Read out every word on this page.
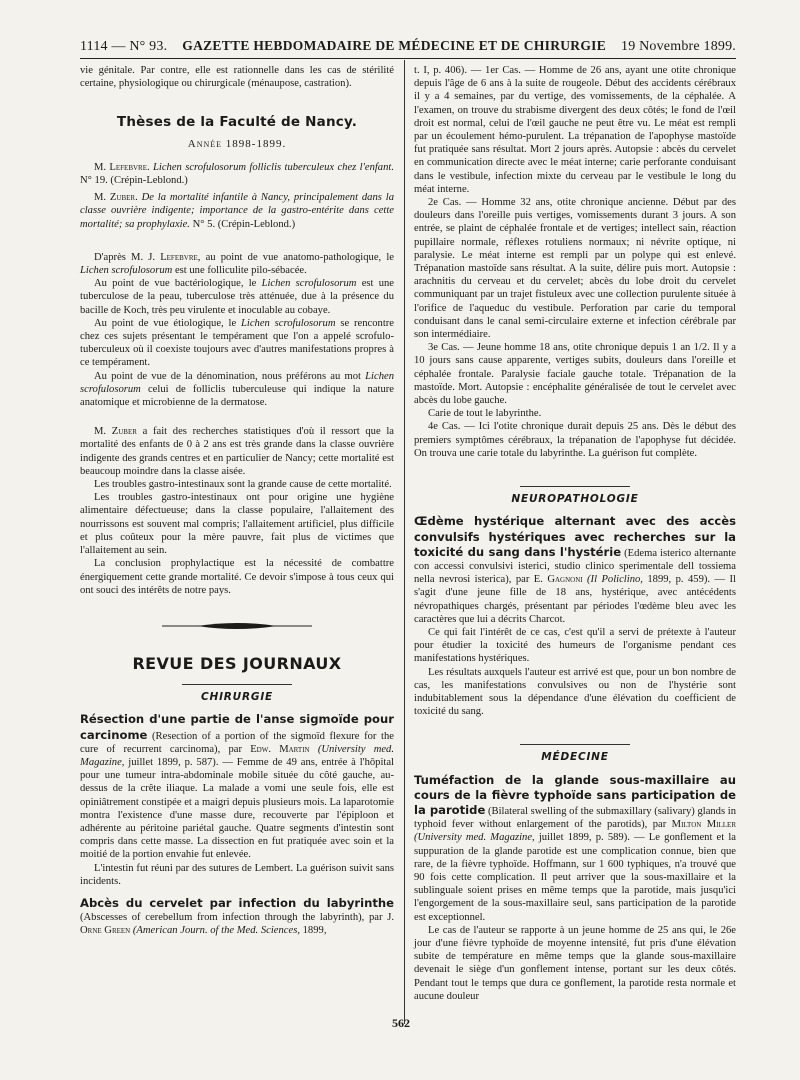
1114 — N° 93. GAZETTE HEBDOMADAIRE DE MÉDECINE ET DE CHIRURGIE 19 Novembre 1899.

vie génitale. Par contre, elle est rationnelle dans les cas de stérilité certaine, physiologique ou chirurgicale (ménaupose, castration).

Thèses de la Faculté de Nancy.
Année 1898-1899.

M. Lefebvre. Lichen scrofulosorum folliclis tuberculeux chez l'enfant. N° 19. (Crépin-Leblond.)

M. Zuber. De la mortalité infantile à Nancy, principalement dans la classe ouvrière indigente; importance de la gastro-entérite dans cette mortalité; sa prophylaxie. N° 5. (Crépin-Leblond.)

D'après M. J. Lefebvre, au point de vue anatomo-pathologique, le Lichen scrofulosorum est une folliculite pilo-sébacée.

Au point de vue bactériologique, le Lichen scrofulosorum est une tuberculose de la peau, tuberculose très atténuée, due à la présence du bacille de Koch, très peu virulente et inoculable au cobaye.

Au point de vue étiologique, le Lichen scrofulosorum se rencontre chez ces sujets présentant le tempérament que l'on a appelé scrofulo-tuberculeux où il coexiste toujours avec d'autres manifestations propres à ce tempérament.

Au point de vue de la dénomination, nous préférons au mot Lichen scrofulosorum celui de folliclis tuberculeuse qui indique la nature anatomique et microbienne de la dermatose.

M. Zuber a fait des recherches statistiques d'où il ressort que la mortalité des enfants de 0 à 2 ans est très grande dans la classe ouvrière indigente des grands centres et en particulier de Nancy; cette mortalité est beaucoup moindre dans la classe aisée.

Les troubles gastro-intestinaux sont la grande cause de cette mortalité.

Les troubles gastro-intestinaux ont pour origine une hygiène alimentaire défectueuse; dans la classe populaire, l'allaitement des nourrissons est souvent mal compris; l'allaitement artificiel, plus difficile et plus coûteux pour la mère pauvre, fait plus de victimes que l'allaitement au sein.

La conclusion prophylactique est la nécessité de combattre énergiquement cette grande mortalité. Ce devoir s'impose à tous ceux qui ont souci des intérêts de notre pays.

REVUE DES JOURNAUX
CHIRURGIE

Résection d'une partie de l'anse sigmoïde pour carcinome (Resection of a portion of the sigmoïd flexure for the cure of recurrent carcinoma), par Edw. Martin (University med. Magazine, juillet 1899, p. 587). — Femme de 49 ans, entrée à l'hôpital pour une tumeur intra-abdominale mobile située du côté gauche, au-dessus de la crête iliaque. La malade a vomi une seule fois, elle est opiniâtrement constipée et a maigri depuis plusieurs mois. La laparotomie montra l'existence d'une masse dure, recouverte par l'épiploon et adhérente au péritoine pariétal gauche. Quatre segments d'intestin sont compris dans cette masse. La dissection en fut pratiquée avec soin et la moitié de la portion envahie fut enlevée.

L'intestin fut réuni par des sutures de Lembert. La guérison suivit sans incidents.

Abcès du cervelet par infection du labyrinthe (Abscesses of cerebellum from infection through the labyrinth), par J. Orne Green (American Journ. of the Med. Sciences, 1899,

t. I, p. 406). — 1er Cas. — Homme de 26 ans, ayant une otite chronique depuis l'âge de 6 ans à la suite de rougeole. Début des accidents cérébraux il y a 4 semaines, par du vertige, des vomissements, de la céphalée. A l'examen, on trouve du strabisme divergent des deux côtés; le fond de l'œil droit est normal, celui de l'œil gauche ne peut être vu. Le méat est rempli par un écoulement hémo-purulent. La trépanation de l'apophyse mastoïde fut pratiquée sans résultat. Mort 2 jours après. Autopsie : abcès du cervelet en communication directe avec le méat interne; carie perforante conduisant dans le vestibule, infection mixte du cerveau par le vestibule le long du méat interne.

2e Cas. — Homme 32 ans, otite chronique ancienne. Début par des douleurs dans l'oreille puis vertiges, vomissements durant 3 jours. A son entrée, se plaint de céphalée frontale et de vertiges; intellect sain, réaction pupillaire normale, réflexes rotuliens normaux; ni névrite optique, ni paralysie. Le méat interne est rempli par un polype qui est enlevé. Trépanation mastoïde sans résultat. A la suite, délire puis mort. Autopsie : arachnitis du cerveau et du cervelet; abcès du lobe droit du cervelet communiquant par un trajet fistuleux avec une collection purulente située à l'orifice de l'aqueduc du vestibule. Perforation par carie du temporal conduisant dans le canal semi-circulaire externe et infection cérébrale par son intermédiaire.

3e Cas. — Jeune homme 18 ans, otite chronique depuis 1 an 1/2. Il y a 10 jours sans cause apparente, vertiges subits, douleurs dans l'oreille et céphalée frontale. Paralysie faciale gauche totale. Trépanation de la mastoïde. Mort. Autopsie : encéphalite généralisée de tout le cervelet avec abcès du lobe gauche.

Carie de tout le labyrinthe.

4e Cas. — Ici l'otite chronique durait depuis 25 ans. Dès le début des premiers symptômes cérébraux, la trépanation de l'apophyse fut décidée. On trouva une carie totale du labyrinthe. La guérison fut complète.

NEUROPATHOLOGIE

Œdème hystérique alternant avec des accès convulsifs hystériques avec recherches sur la toxicité du sang dans l'hystérie (Edema isterico alternante con accessi convulsivi isterici, studio clinico sperimentale dell tossiema nella nevrosi isterica), par E. Gagnoni (Il Policlino, 1899, p. 459). — Il s'agit d'une jeune fille de 18 ans, hystérique, avec antécédents névropathiques chargés, présentant par périodes l'œdème bleu avec les caractères que lui a décrits Charcot.

Ce qui fait l'intérêt de ce cas, c'est qu'il a servi de prétexte à l'auteur pour étudier la toxicité des humeurs de l'organisme pendant ces manifestations hystériques.

Les résultats auxquels l'auteur est arrivé est que, pour un bon nombre de cas, les manifestations convulsives ou non de l'hystérie sont indubitablement sous la dépendance d'une élévation du coefficient de toxicité du sang.

MÉDECINE

Tuméfaction de la glande sous-maxillaire au cours de la fièvre typhoïde sans participation de la parotide (Bilateral swelling of the submaxillary (salivary) glands in typhoid fever without enlargement of the parotids), par Milton Miller (University med. Magazine, juillet 1899, p. 589). — Le gonflement et la suppuration de la glande parotide est une complication connue, bien que rare, de la fièvre typhoïde. Hoffmann, sur 1 600 typhiques, n'a trouvé que 90 fois cette complication. Il peut arriver que la sous-maxillaire et la sublinguale soient prises en même temps que la parotide, mais jusqu'ici l'engorgement de la sous-maxillaire seul, sans participation de la parotide est exceptionnel.

Le cas de l'auteur se rapporte à un jeune homme de 25 ans qui, le 26e jour d'une fièvre typhoïde de moyenne intensité, fut pris d'une élévation subite de température en même temps que la glande sous-maxillaire devenait le siège d'un gonflement intense, portant sur les deux côtés. Pendant tout le temps que dura ce gonflement, la parotide resta normale et aucune douleur

562
